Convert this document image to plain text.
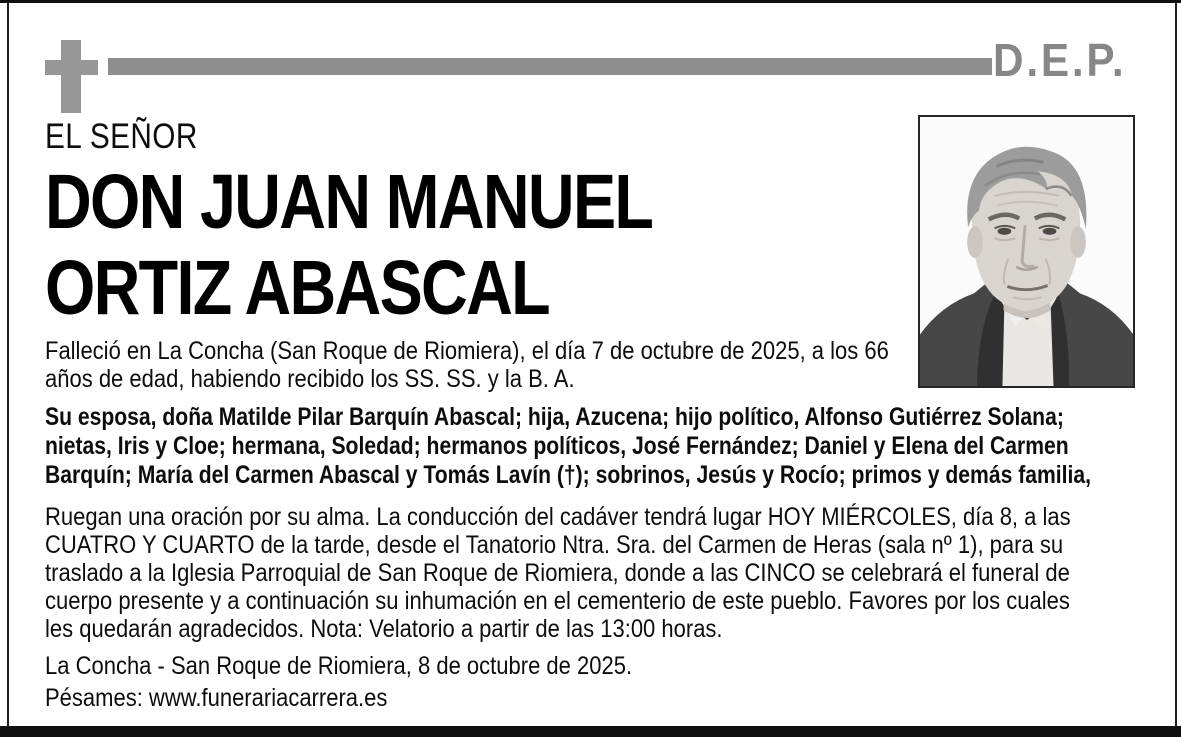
D.E.P.
EL SEÑOR
DON JUAN MANUEL
ORTIZ ABASCAL

Falleció en La Concha (San Roque de Riomiera), el día 7 de octubre de 2025, a los 66 años de edad, habiendo recibido los SS. SS. y la B. A.

Su esposa, doña Matilde Pilar Barquín Abascal; hija, Azucena; hijo político, Alfonso Gutiérrez Solana; nietas, Iris y Cloe; hermana, Soledad; hermanos políticos, José Fernández; Daniel y Elena del Carmen Barquín; María del Carmen Abascal y Tomás Lavín (†); sobrinos, Jesús y Rocío; primos y demás familia,

Ruegan una oración por su alma. La conducción del cadáver tendrá lugar HOY MIÉRCOLES, día 8, a las CUATRO Y CUARTO de la tarde, desde el Tanatorio Ntra. Sra. del Carmen de Heras (sala nº 1), para su traslado a la Iglesia Parroquial de San Roque de Riomiera, donde a las CINCO se celebrará el funeral de cuerpo presente y a continuación su inhumación en el cementerio de este pueblo. Favores por los cuales les quedarán agradecidos. Nota: Velatorio a partir de las 13:00 horas.

La Concha - San Roque de Riomiera, 8 de octubre de 2025.

Pésames: www.funerariacarrera.es
